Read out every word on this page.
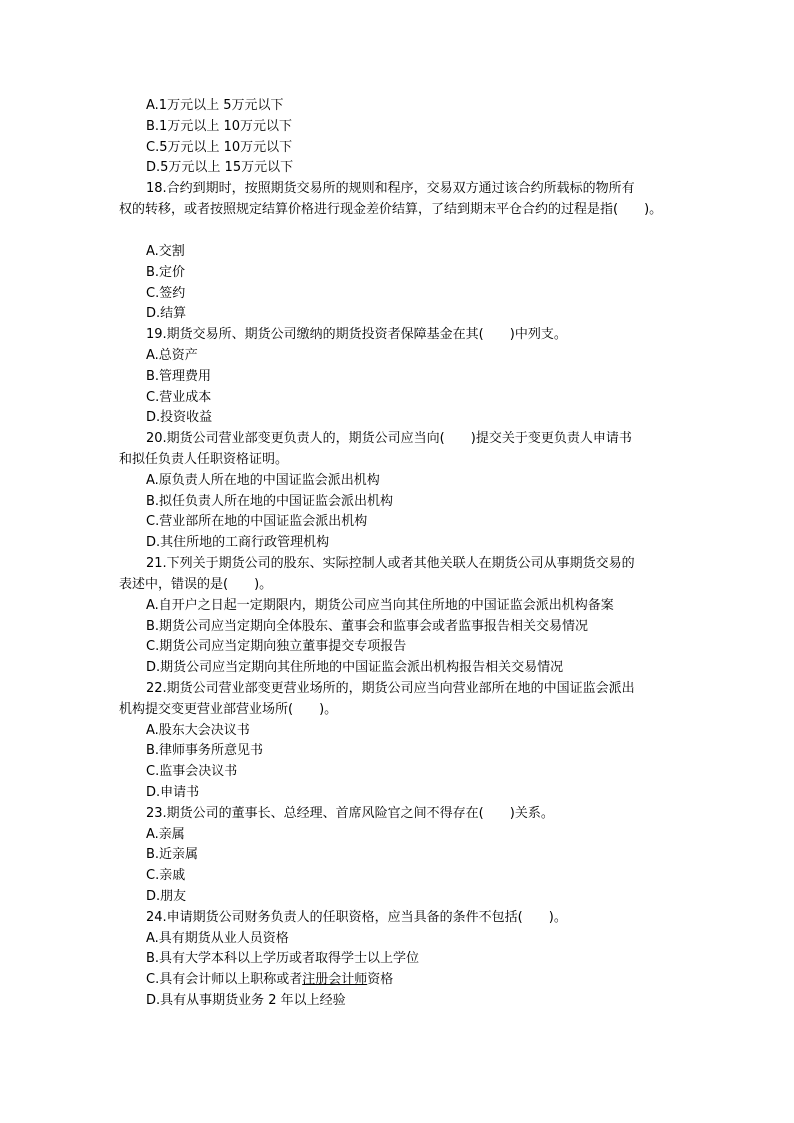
A.1万元以上 5万元以下
B.1万元以上 10万元以下
C.5万元以上 10万元以下
D.5万元以上 15万元以下
18.合约到期时，按照期货交易所的规则和程序，交易双方通过该合约所载标的物所有
权的转移，或者按照规定结算价格进行现金差价结算，了结到期末平仓合约的过程是指(　　)。
A.交割
B.定价
C.签约
D.结算
19.期货交易所、期货公司缴纳的期货投资者保障基金在其(　　)中列支。
A.总资产
B.管理费用
C.营业成本
D.投资收益
20.期货公司营业部变更负责人的，期货公司应当向(　　)提交关于变更负责人申请书
和拟任负责人任职资格证明。
A.原负责人所在地的中国证监会派出机构
B.拟任负责人所在地的中国证监会派出机构
C.营业部所在地的中国证监会派出机构
D.其住所地的工商行政管理机构
21.下列关于期货公司的股东、实际控制人或者其他关联人在期货公司从事期货交易的
表述中，错误的是(　　)。
A.自开户之日起一定期限内，期货公司应当向其住所地的中国证监会派出机构备案
B.期货公司应当定期向全体股东、董事会和监事会或者监事报告相关交易情况
C.期货公司应当定期向独立董事提交专项报告
D.期货公司应当定期向其住所地的中国证监会派出机构报告相关交易情况
22.期货公司营业部变更营业场所的，期货公司应当向营业部所在地的中国证监会派出
机构提交变更营业部营业场所(　　)。
A.股东大会决议书
B.律师事务所意见书
C.监事会决议书
D.申请书
23.期货公司的董事长、总经理、首席风险官之间不得存在(　　)关系。
A.亲属
B.近亲属
C.亲戚
D.朋友
24.申请期货公司财务负责人的任职资格，应当具备的条件不包括(　　)。
A.具有期货从业人员资格
B.具有大学本科以上学历或者取得学士以上学位
C.具有会计师以上职称或者注册会计师资格
D.具有从事期货业务 2 年以上经验
